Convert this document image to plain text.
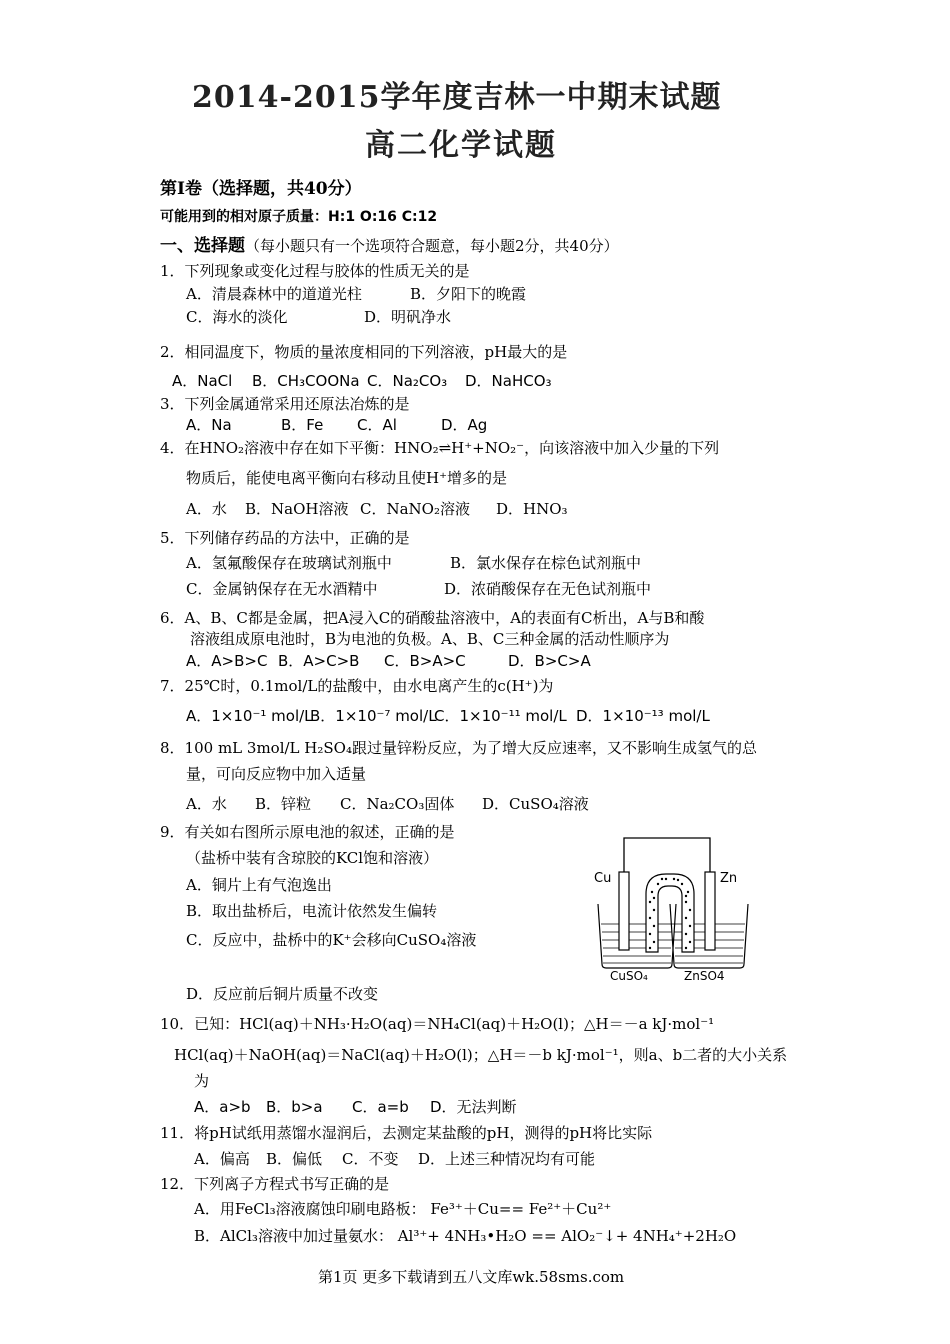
2014-2015学年度吉林一中期末试题
高二化学试题
第Ⅰ卷（选择题，共40分）
可能用到的相对原子质量：H:1 O:16 C:12
一、选择题（每小题只有一个选项符合题意，每小题2分，共40分）
1．下列现象或变化过程与胶体的性质无关的是
A．清晨森林中的道道光柱	B．夕阳下的晚霞
C．海水的淡化	D．明矾净水
2．相同温度下，物质的量浓度相同的下列溶液，pH最大的是
A．NaCl B．CH₃COONa C．Na₂CO₃ D．NaHCO₃
3．下列金属通常采用还原法冶炼的是
A．Na	B．Fe C．Al	D．Ag
4．在HNO₂溶液中存在如下平衡：HNO₂⇌H⁺+NO₂⁻，向该溶液中加入少量的下列
物质后，能使电离平衡向右移动且使H⁺增多的是
A．水 B．NaOH溶液 C．NaNO₂溶液 D．HNO₃
5．下列储存药品的方法中，正确的是
A．氢氟酸保存在玻璃试剂瓶中	B．氯水保存在棕色试剂瓶中
C．金属钠保存在无水酒精中	D．浓硝酸保存在无色试剂瓶中
6．A、B、C都是金属，把A浸入C的硝酸盐溶液中，A的表面有C析出，A与B和酸
溶液组成原电池时，B为电池的负极。A、B、C三种金属的活动性顺序为
A．A>B>C B．A>C>B C．B>A>C	D．B>C>A
7．25℃时，0.1mol/L的盐酸中，由水电离产生的c(H⁺)为
A．1×10⁻¹ mol/L
B．1×10⁻⁷ mol/L
C．1×10⁻¹¹ mol/L D．1×10⁻¹³ mol/L
8．100 mL 3mol/L H₂SO₄跟过量锌粉反应，为了增大反应速率，又不影响生成氢气的总
量，可向反应物中加入适量
A．水 B．锌粒 C．Na₂CO₃固体 D．CuSO₄溶液
9．有关如右图所示原电池的叙述，正确的是
（盐桥中装有含琼胶的KCl饱和溶液）
A．铜片上有气泡逸出
B．取出盐桥后，电流计依然发生偏转
C．反应中，盐桥中的K⁺会移向CuSO₄溶液
D．反应前后铜片质量不改变
Cu	Zn
CuSO₄	ZnSO4
10．已知：HCl(aq)＋NH₃·H₂O(aq)＝NH₄Cl(aq)＋H₂O(l)；△H＝－a kJ·mol⁻¹
HCl(aq)＋NaOH(aq)＝NaCl(aq)＋H₂O(l)；△H＝－b kJ·mol⁻¹，则a、b二者的大小关系
为
A．a>b B．b>a C．a=b D．无法判断
11．将pH试纸用蒸馏水湿润后，去测定某盐酸的pH，测得的pH将比实际
A．偏高 B．偏低 C．不变 D．上述三种情况均有可能
12．下列离子方程式书写正确的是
A．用FeCl₃溶液腐蚀印刷电路板： Fe³⁺＋Cu== Fe²⁺＋Cu²⁺
B．AlCl₃溶液中加过量氨水： Al³⁺+ 4NH₃•H₂O == AlO₂⁻↓+ 4NH₄⁺+2H₂O
第1页 更多下载请到五八文库wk.58sms.com
